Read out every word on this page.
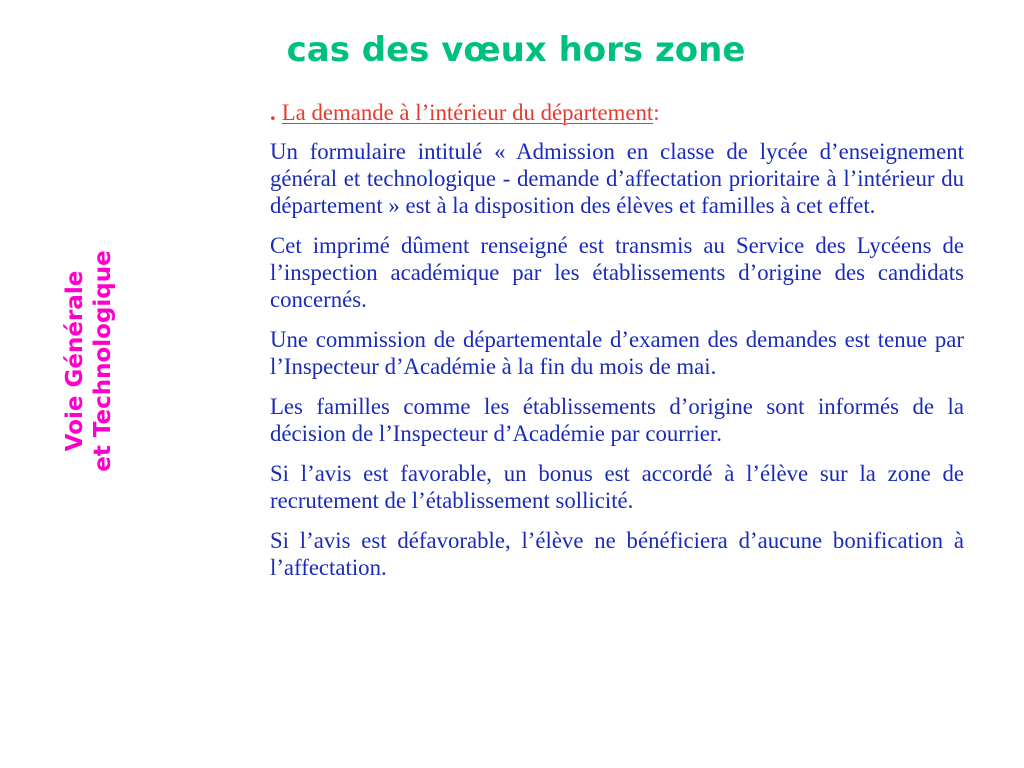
cas des vœux hors zone
Voie Générale et Technologique
. La demande à l’intérieur du département:

Un formulaire intitulé « Admission en classe de lycée d’enseignement général et technologique - demande d’affectation prioritaire à l’intérieur du département » est à la disposition des élèves et familles à cet effet.

Cet imprimé dûment renseigné est transmis au Service des Lycéens de l’inspection académique par les établissements d’origine des candidats concernés.

Une commission de départementale d’examen des demandes est tenue par l’Inspecteur d’Académie à la fin du mois de mai.

Les familles comme les établissements d’origine sont informés de la décision de l’Inspecteur d’Académie par courrier.

Si l’avis est favorable, un bonus est accordé à l’élève sur la zone de recrutement de l’établissement sollicité.

Si l’avis est défavorable, l’élève ne bénéficiera d’aucune bonification à l’affectation.
